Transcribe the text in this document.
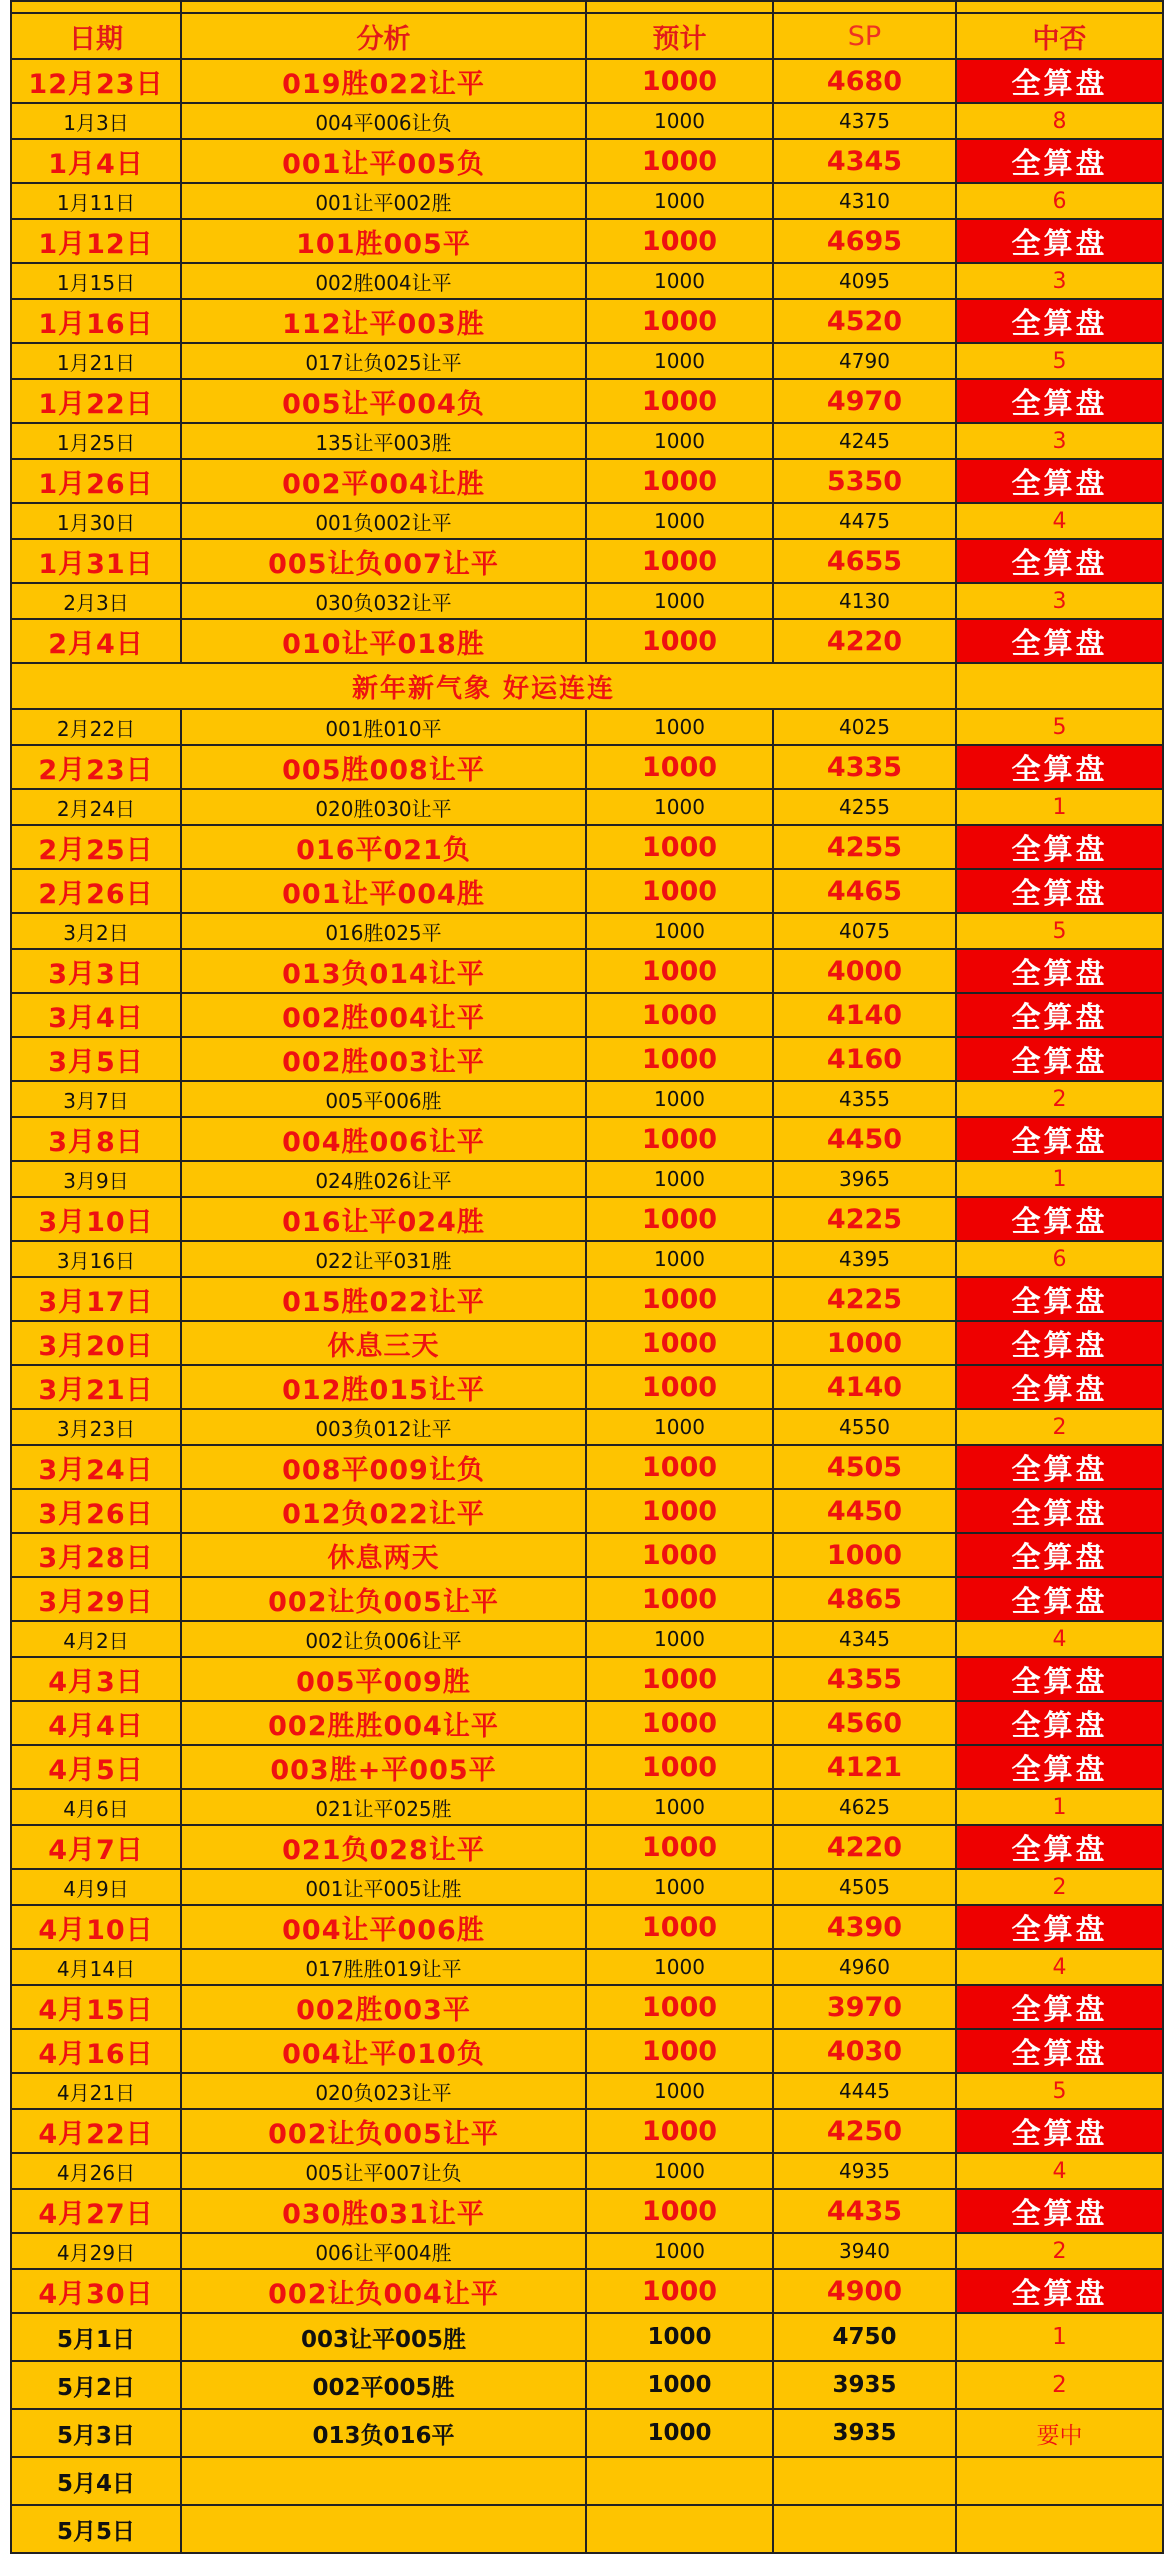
日期	分析	预计	SP	中否
12月23日	019胜022让平	1000	4680	全算盘
1月3日	004平006让负	1000	4375	8
1月4日	001让平005负	1000	4345	全算盘
1月11日	001让平002胜	1000	4310	6
1月12日	101胜005平	1000	4695	全算盘
1月15日	002胜004让平	1000	4095	3
1月16日	112让平003胜	1000	4520	全算盘
1月21日	017让负025让平	1000	4790	5
1月22日	005让平004负	1000	4970	全算盘
1月25日	135让平003胜	1000	4245	3
1月26日	002平004让胜	1000	5350	全算盘
1月30日	001负002让平	1000	4475	4
1月31日	005让负007让平	1000	4655	全算盘
2月3日	030负032让平	1000	4130	3
2月4日	010让平018胜	1000	4220	全算盘
新年新气象 好运连连				
2月22日	001胜010平	1000	4025	5
2月23日	005胜008让平	1000	4335	全算盘
2月24日	020胜030让平	1000	4255	1
2月25日	016平021负	1000	4255	全算盘
2月26日	001让平004胜	1000	4465	全算盘
3月2日	016胜025平	1000	4075	5
3月3日	013负014让平	1000	4000	全算盘
3月4日	002胜004让平	1000	4140	全算盘
3月5日	002胜003让平	1000	4160	全算盘
3月7日	005平006胜	1000	4355	2
3月8日	004胜006让平	1000	4450	全算盘
3月9日	024胜026让平	1000	3965	1
3月10日	016让平024胜	1000	4225	全算盘
3月16日	022让平031胜	1000	4395	6
3月17日	015胜022让平	1000	4225	全算盘
3月20日	休息三天	1000	1000	全算盘
3月21日	012胜015让平	1000	4140	全算盘
3月23日	003负012让平	1000	4550	2
3月24日	008平009让负	1000	4505	全算盘
3月26日	012负022让平	1000	4450	全算盘
3月28日	休息两天	1000	1000	全算盘
3月29日	002让负005让平	1000	4865	全算盘
4月2日	002让负006让平	1000	4345	4
4月3日	005平009胜	1000	4355	全算盘
4月4日	002胜胜004让平	1000	4560	全算盘
4月5日	003胜+平005平	1000	4121	全算盘
4月6日	021让平025胜	1000	4625	1
4月7日	021负028让平	1000	4220	全算盘
4月9日	001让平005让胜	1000	4505	2
4月10日	004让平006胜	1000	4390	全算盘
4月14日	017胜胜019让平	1000	4960	4
4月15日	002胜003平	1000	3970	全算盘
4月16日	004让平010负	1000	4030	全算盘
4月21日	020负023让平	1000	4445	5
4月22日	002让负005让平	1000	4250	全算盘
4月26日	005让平007让负	1000	4935	4
4月27日	030胜031让平	1000	4435	全算盘
4月29日	006让平004胜	1000	3940	2
4月30日	002让负004让平	1000	4900	全算盘
5月1日	003让平005胜	1000	4750	1
5月2日	002平005胜	1000	3935	2
5月3日	013负016平	1000	3935	要中
5月4日				
5月5日				
